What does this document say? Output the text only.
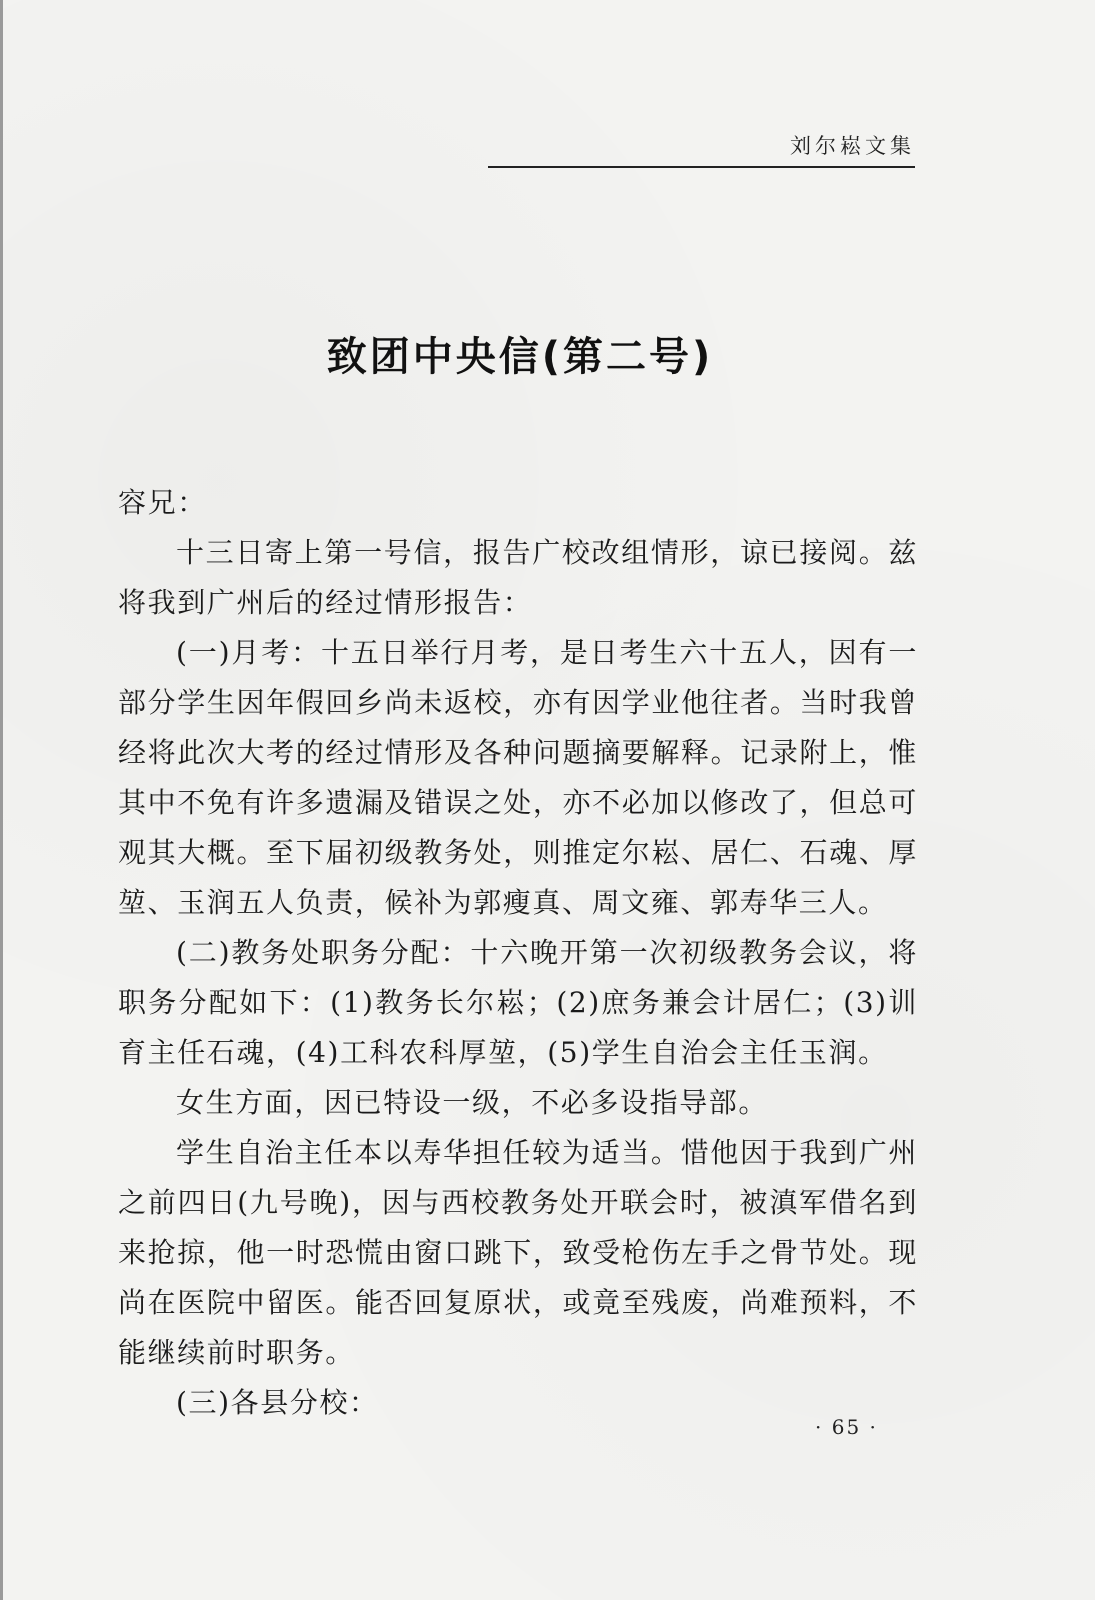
刘尔崧文集
致团中央信(第二号)

容兄：

十三日寄上第一号信，报告广校改组情形，谅已接阅。兹将我到广州后的经过情形报告：

(一)月考：十五日举行月考，是日考生六十五人，因有一部分学生因年假回乡尚未返校，亦有因学业他往者。当时我曾经将此次大考的经过情形及各种问题摘要解释。记录附上，惟其中不免有许多遗漏及错误之处，亦不必加以修改了，但总可观其大概。至下届初级教务处，则推定尔崧、居仁、石魂、厚堃、玉润五人负责，候补为郭瘦真、周文雍、郭寿华三人。

(二)教务处职务分配：十六晚开第一次初级教务会议，将职务分配如下：(1)教务长尔崧；(2)庶务兼会计居仁；(3)训育主任石魂，(4)工科农科厚堃，(5)学生自治会主任玉润。

女生方面，因已特设一级，不必多设指导部。

学生自治主任本以寿华担任较为适当。惜他因于我到广州之前四日(九号晚)，因与西校教务处开联会时，被滇军借名到来抢掠，他一时恐慌由窗口跳下，致受枪伤左手之骨节处。现尚在医院中留医。能否回复原状，或竟至残废，尚难预料，不能继续前时职务。

(三)各县分校：

· 65 ·
